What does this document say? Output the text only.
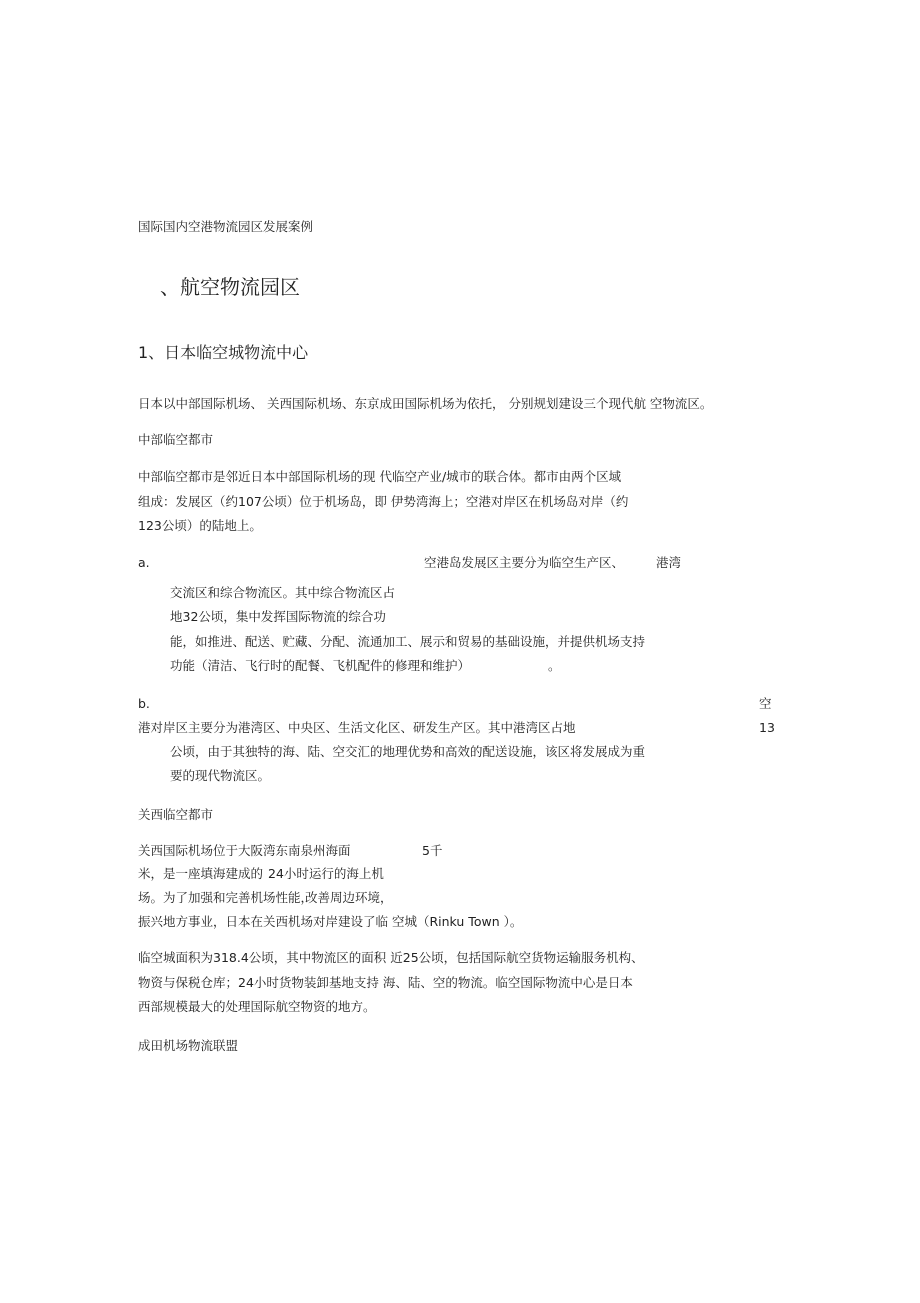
国际国内空港物流园区发展案例
、航空物流园区
1、日本临空城物流中心
日本以中部国际机场、 关西国际机场、东京成田国际机场为依托， 分别规划建设三个现代航 空物流区。
中部临空都市
中部临空都市是邻近日本中部国际机场的现 代临空产业/城市的联合体。都市由两个区域
组成：发展区（约107公顷）位于机场岛，即 伊势湾海上；空港对岸区在机场岛对岸（约
123公顷）的陆地上。
a.	空港岛发展区主要分为临空生产区、	港湾
交流区和综合物流区。其中综合物流区占
地32公顷，集中发挥国际物流的综合功
能，如推进、配送、贮藏、分配、流通加工、展示和贸易的基础设施，并提供机场支持
功能（清洁、飞行时的配餐、飞机配件的修理和维护）	。
b.	空
港对岸区主要分为港湾区、中央区、生活文化区、研发生产区。其中港湾区占地	13
公顷，由于其独特的海、陆、空交汇的地理优势和高效的配送设施，该区将发展成为重
要的现代物流区。
关西临空都市
关西国际机场位于大阪湾东南泉州海面	5千
米，是一座填海建成的 24小时运行的海上机
场。为了加强和完善机场性能，
改善周边环境，
振兴地方事业，日本在关西机场对岸建设了临 空城（Rinku Town ）。
临空城面积为318.4公顷，其中物流区的面积 近25公顷，包括国际航空货物运输服务机构、
物资与保税仓库；24小时货物装卸基地支持 海、陆、空的物流。临空国际物流中心是日本
西部规模最大的处理国际航空物资的地方。
成田机场物流联盟
